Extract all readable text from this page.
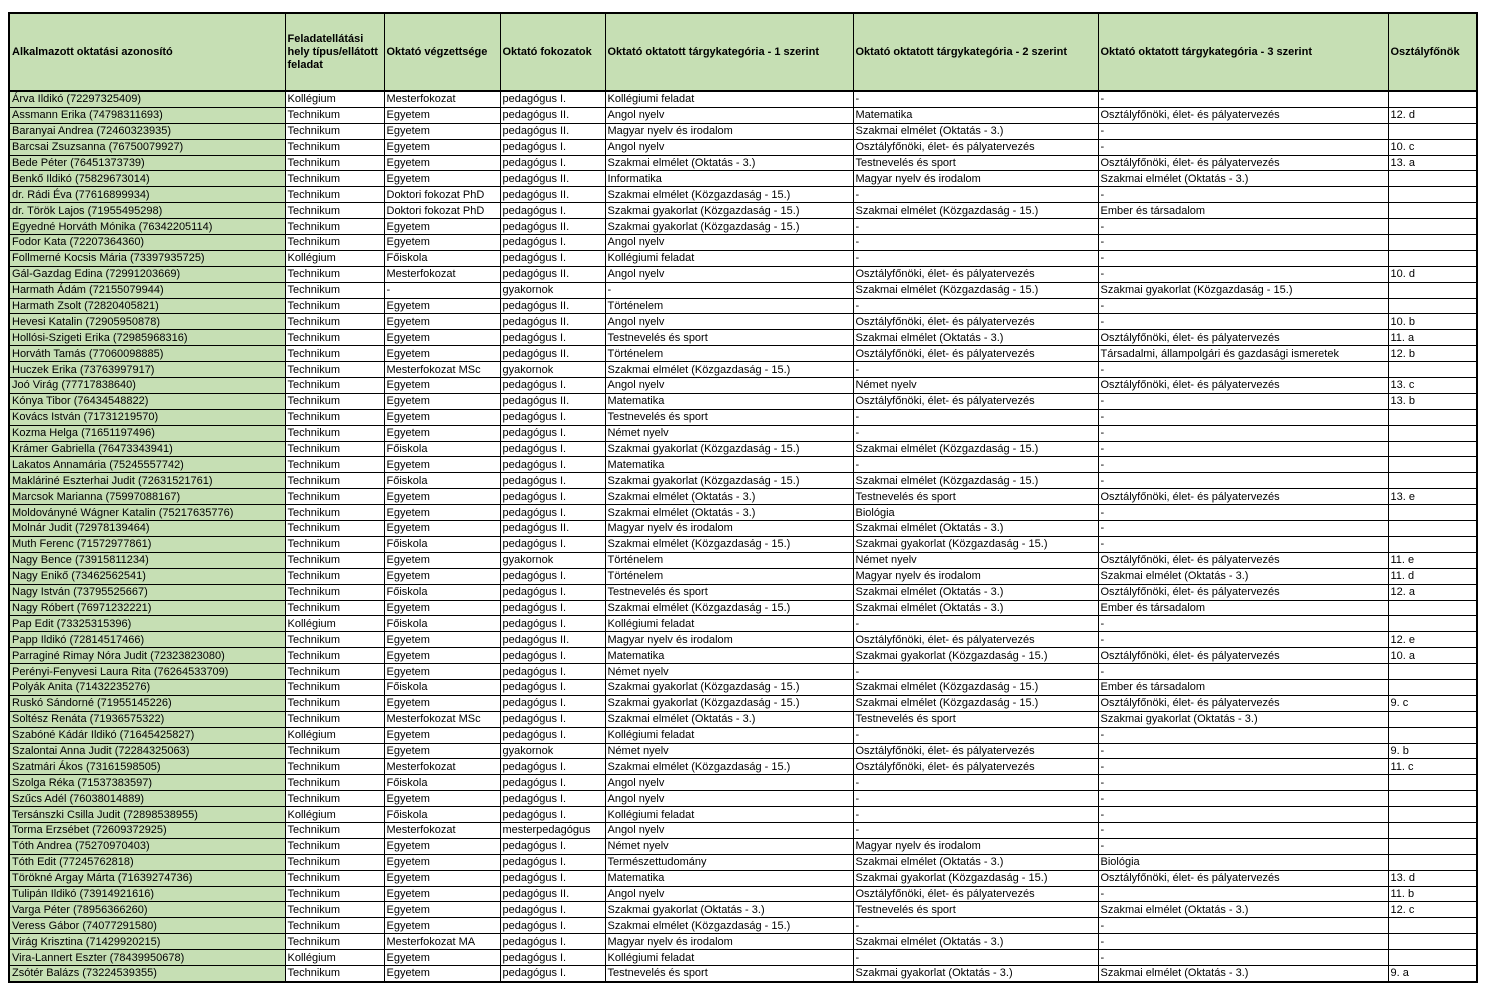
Alkalmazott oktatási azonosító	Feladatellátási hely típus/ellátott feladat	Oktató végzettsége	Oktató fokozatok	Oktató oktatott tárgykategória - 1 szerint	Oktató oktatott tárgykategória - 2 szerint	Oktató oktatott tárgykategória - 3 szerint	Osztályfőnök
Árva Ildikó (72297325409)	Kollégium	Mesterfokozat	pedagógus I.	Kollégiumi feladat	-	-	
Assmann Erika (74798311693)	Technikum	Egyetem	pedagógus II.	Angol nyelv	Matematika	Osztályfőnöki, élet- és pályatervezés	12. d
Baranyai Andrea (72460323935)	Technikum	Egyetem	pedagógus II.	Magyar nyelv és irodalom	Szakmai elmélet (Oktatás - 3.)	-	
Barcsai Zsuzsanna (76750079927)	Technikum	Egyetem	pedagógus I.	Angol nyelv	Osztályfőnöki, élet- és pályatervezés	-	10. c
Bede Péter (76451373739)	Technikum	Egyetem	pedagógus I.	Szakmai elmélet (Oktatás - 3.)	Testnevelés és sport	Osztályfőnöki, élet- és pályatervezés	13. a
Benkő Ildikó (75829673014)	Technikum	Egyetem	pedagógus II.	Informatika	Magyar nyelv és irodalom	Szakmai elmélet (Oktatás - 3.)	
dr. Rádi Éva (77616899934)	Technikum	Doktori fokozat PhD	pedagógus II.	Szakmai elmélet (Közgazdaság - 15.)	-	-	
dr. Török Lajos (71955495298)	Technikum	Doktori fokozat PhD	pedagógus I.	Szakmai gyakorlat (Közgazdaság - 15.)	Szakmai elmélet (Közgazdaság - 15.)	Ember és társadalom	
Egyedné Horváth Mónika (76342205114)	Technikum	Egyetem	pedagógus II.	Szakmai gyakorlat (Közgazdaság - 15.)	-	-	
Fodor Kata (72207364360)	Technikum	Egyetem	pedagógus I.	Angol nyelv	-	-	
Follmerné Kocsis Mária (73397935725)	Kollégium	Főiskola	pedagógus I.	Kollégiumi feladat	-	-	
Gál-Gazdag Edina (72991203669)	Technikum	Mesterfokozat	pedagógus II.	Angol nyelv	Osztályfőnöki, élet- és pályatervezés	-	10. d
Harmath Ádám (72155079944)	Technikum	-	gyakornok	-	Szakmai elmélet (Közgazdaság - 15.)	Szakmai gyakorlat (Közgazdaság - 15.)	
Harmath Zsolt (72820405821)	Technikum	Egyetem	pedagógus II.	Történelem	-	-	
Hevesi Katalin (72905950878)	Technikum	Egyetem	pedagógus II.	Angol nyelv	Osztályfőnöki, élet- és pályatervezés	-	10. b
Hollósi-Szigeti Erika (72985968316)	Technikum	Egyetem	pedagógus I.	Testnevelés és sport	Szakmai elmélet (Oktatás - 3.)	Osztályfőnöki, élet- és pályatervezés	11. a
Horváth Tamás (77060098885)	Technikum	Egyetem	pedagógus II.	Történelem	Osztályfőnöki, élet- és pályatervezés	Társadalmi, állampolgári és gazdasági ismeretek	12. b
Huczek Erika (73763997917)	Technikum	Mesterfokozat MSc	gyakornok	Szakmai elmélet (Közgazdaság - 15.)	-	-	
Joó Virág (77717838640)	Technikum	Egyetem	pedagógus I.	Angol nyelv	Német nyelv	Osztályfőnöki, élet- és pályatervezés	13. c
Kónya Tibor (76434548822)	Technikum	Egyetem	pedagógus II.	Matematika	Osztályfőnöki, élet- és pályatervezés	-	13. b
Kovács István (71731219570)	Technikum	Egyetem	pedagógus I.	Testnevelés és sport	-	-	
Kozma Helga (71651197496)	Technikum	Egyetem	pedagógus I.	Német nyelv	-	-	
Krámer Gabriella (76473343941)	Technikum	Főiskola	pedagógus I.	Szakmai gyakorlat (Közgazdaság - 15.)	Szakmai elmélet (Közgazdaság - 15.)	-	
Lakatos Annamária (75245557742)	Technikum	Egyetem	pedagógus I.	Matematika	-	-	
Makláriné Eszterhai Judit (72631521761)	Technikum	Főiskola	pedagógus I.	Szakmai gyakorlat (Közgazdaság - 15.)	Szakmai elmélet (Közgazdaság - 15.)	-	
Marcsok Marianna (75997088167)	Technikum	Egyetem	pedagógus I.	Szakmai elmélet (Oktatás - 3.)	Testnevelés és sport	Osztályfőnöki, élet- és pályatervezés	13. e
Moldoványné Wágner Katalin (75217635776)	Technikum	Egyetem	pedagógus I.	Szakmai elmélet (Oktatás - 3.)	Biológia	-	
Molnár Judit (72978139464)	Technikum	Egyetem	pedagógus II.	Magyar nyelv és irodalom	Szakmai elmélet (Oktatás - 3.)	-	
Muth Ferenc (71572977861)	Technikum	Főiskola	pedagógus I.	Szakmai elmélet (Közgazdaság - 15.)	Szakmai gyakorlat (Közgazdaság - 15.)	-	
Nagy Bence (73915811234)	Technikum	Egyetem	gyakornok	Történelem	Német nyelv	Osztályfőnöki, élet- és pályatervezés	11. e
Nagy Enikő (73462562541)	Technikum	Egyetem	pedagógus I.	Történelem	Magyar nyelv és irodalom	Szakmai elmélet (Oktatás - 3.)	11. d
Nagy István (73795525667)	Technikum	Főiskola	pedagógus I.	Testnevelés és sport	Szakmai elmélet (Oktatás - 3.)	Osztályfőnöki, élet- és pályatervezés	12. a
Nagy Róbert (76971232221)	Technikum	Egyetem	pedagógus I.	Szakmai elmélet (Közgazdaság - 15.)	Szakmai elmélet (Oktatás - 3.)	Ember és társadalom	
Pap Edit (73325315396)	Kollégium	Főiskola	pedagógus I.	Kollégiumi feladat	-	-	
Papp Ildikó (72814517466)	Technikum	Egyetem	pedagógus II.	Magyar nyelv és irodalom	Osztályfőnöki, élet- és pályatervezés	-	12. e
Parraginé Rimay Nóra Judit (72323823080)	Technikum	Egyetem	pedagógus I.	Matematika	Szakmai gyakorlat (Közgazdaság - 15.)	Osztályfőnöki, élet- és pályatervezés	10. a
Perényi-Fenyvesi Laura Rita (76264533709)	Technikum	Egyetem	pedagógus I.	Német nyelv	-	-	
Polyák Anita (71432235276)	Technikum	Főiskola	pedagógus I.	Szakmai gyakorlat (Közgazdaság - 15.)	Szakmai elmélet (Közgazdaság - 15.)	Ember és társadalom	
Ruskó Sándorné (71955145226)	Technikum	Egyetem	pedagógus I.	Szakmai gyakorlat (Közgazdaság - 15.)	Szakmai elmélet (Közgazdaság - 15.)	Osztályfőnöki, élet- és pályatervezés	9. c
Soltész Renáta (71936575322)	Technikum	Mesterfokozat MSc	pedagógus I.	Szakmai elmélet (Oktatás - 3.)	Testnevelés és sport	Szakmai gyakorlat (Oktatás - 3.)	
Szabóné Kádár Ildikó (71645425827)	Kollégium	Egyetem	pedagógus I.	Kollégiumi feladat	-	-	
Szalontai Anna Judit (72284325063)	Technikum	Egyetem	gyakornok	Német nyelv	Osztályfőnöki, élet- és pályatervezés	-	9. b
Szatmári Ákos (73161598505)	Technikum	Mesterfokozat	pedagógus I.	Szakmai elmélet (Közgazdaság - 15.)	Osztályfőnöki, élet- és pályatervezés	-	11. c
Szolga Réka (71537383597)	Technikum	Főiskola	pedagógus I.	Angol nyelv	-	-	
Szűcs Adél (76038014889)	Technikum	Egyetem	pedagógus I.	Angol nyelv	-	-	
Tersánszki Csilla Judit (72898538955)	Kollégium	Főiskola	pedagógus I.	Kollégiumi feladat	-	-	
Torma Erzsébet (72609372925)	Technikum	Mesterfokozat	mesterpedagógus	Angol nyelv	-	-	
Tóth Andrea (75270970403)	Technikum	Egyetem	pedagógus I.	Német nyelv	Magyar nyelv és irodalom	-	
Tóth Edit (77245762818)	Technikum	Egyetem	pedagógus I.	Természettudomány	Szakmai elmélet (Oktatás - 3.)	Biológia	
Törökné Argay Márta (71639274736)	Technikum	Egyetem	pedagógus I.	Matematika	Szakmai gyakorlat (Közgazdaság - 15.)	Osztályfőnöki, élet- és pályatervezés	13. d
Tulipán Ildikó (73914921616)	Technikum	Egyetem	pedagógus II.	Angol nyelv	Osztályfőnöki, élet- és pályatervezés	-	11. b
Varga Péter (78956366260)	Technikum	Egyetem	pedagógus I.	Szakmai gyakorlat (Oktatás - 3.)	Testnevelés és sport	Szakmai elmélet (Oktatás - 3.)	12. c
Veress Gábor (74077291580)	Technikum	Egyetem	pedagógus I.	Szakmai elmélet (Közgazdaság - 15.)	-	-	
Virág Krisztina (71429920215)	Technikum	Mesterfokozat MA	pedagógus I.	Magyar nyelv és irodalom	Szakmai elmélet (Oktatás - 3.)	-	
Vira-Lannert Eszter (78439950678)	Kollégium	Egyetem	pedagógus I.	Kollégiumi feladat	-	-	
Zsótér Balázs (73224539355)	Technikum	Egyetem	pedagógus I.	Testnevelés és sport	Szakmai gyakorlat (Oktatás - 3.)	Szakmai elmélet (Oktatás - 3.)	9. a
